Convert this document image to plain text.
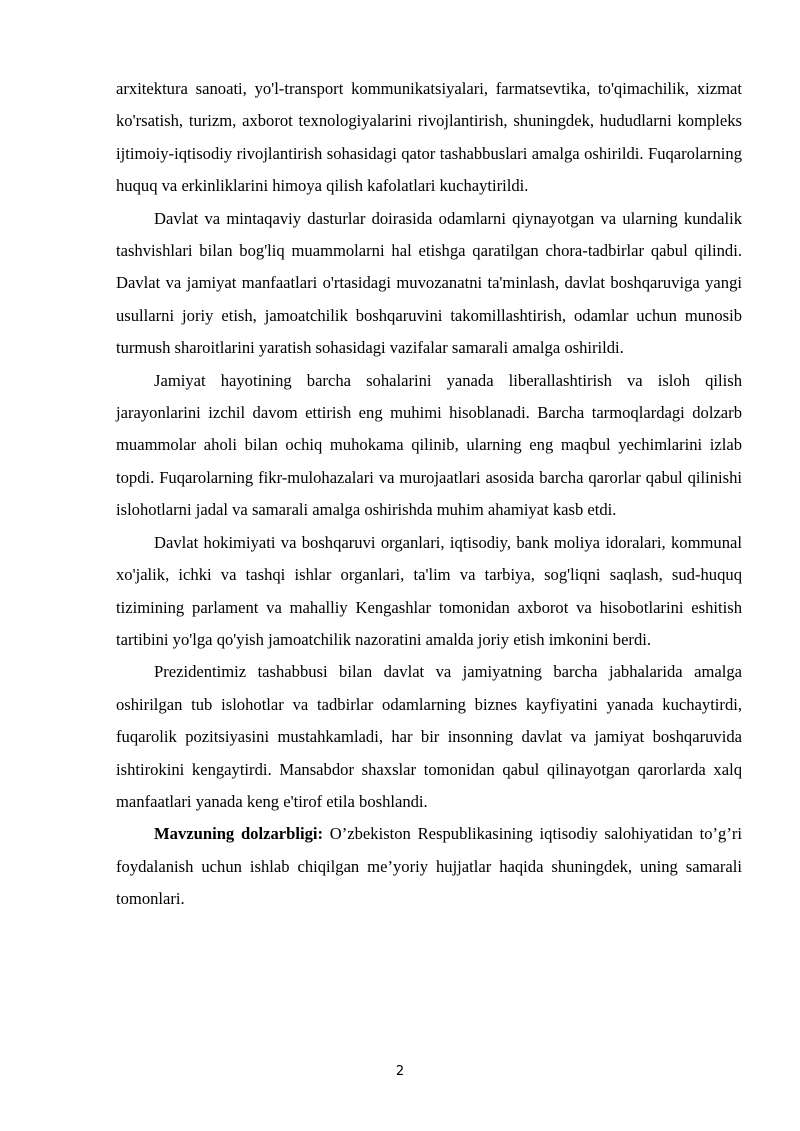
arxitektura sanoati, yo'l-transport kommunikatsiyalari, farmatsevtika, to'qimachilik, xizmat ko'rsatish, turizm, axborot texnologiyalarini rivojlantirish, shuningdek, hududlarni kompleks ijtimoiy-iqtisodiy rivojlantirish sohasidagi qator tashabbuslari amalga oshirildi. Fuqarolarning huquq va erkinliklarini himoya qilish kafolatlari kuchaytirildi.

Davlat va mintaqaviy dasturlar doirasida odamlarni qiynayotgan va ularning kundalik tashvishlari bilan bog'liq muammolarni hal etishga qaratilgan chora-tadbirlar qabul qilindi. Davlat va jamiyat manfaatlari o'rtasidagi muvozanatni ta'minlash, davlat boshqaruviga yangi usullarni joriy etish, jamoatchilik boshqaruvini takomillashtirish, odamlar uchun munosib turmush sharoitlarini yaratish sohasidagi vazifalar samarali amalga oshirildi.

Jamiyat hayotining barcha sohalarini yanada liberallashtirish va isloh qilish jarayonlarini izchil davom ettirish eng muhimi hisoblanadi. Barcha tarmoqlardagi dolzarb muammolar aholi bilan ochiq muhokama qilinib, ularning eng maqbul yechimlarini izlab topdi. Fuqarolarning fikr-mulohazalari va murojaatlari asosida barcha qarorlar qabul qilinishi islohotlarni jadal va samarali amalga oshirishda muhim ahamiyat kasb etdi.

Davlat hokimiyati va boshqaruvi organlari, iqtisodiy, bank moliya idoralari, kommunal xo'jalik, ichki va tashqi ishlar organlari, ta'lim va tarbiya, sog'liqni saqlash, sud-huquq tizimining parlament va mahalliy Kengashlar tomonidan axborot va hisobotlarini eshitish tartibini yo'lga qo'yish jamoatchilik nazoratini amalda joriy etish imkonini berdi.

Prezidentimiz tashabbusi bilan davlat va jamiyatning barcha jabhalarida amalga oshirilgan tub islohotlar va tadbirlar odamlarning biznes kayfiyatini yanada kuchaytirdi, fuqarolik pozitsiyasini mustahkamladi, har bir insonning davlat va jamiyat boshqaruvida ishtirokini kengaytirdi. Mansabdor shaxslar tomonidan qabul qilinayotgan qarorlarda xalq manfaatlari yanada keng e'tirof etila boshlandi.

Mavzuning dolzarbligi: O’zbekiston Respublikasining iqtisodiy salohiyatidan to’g’ri foydalanish uchun ishlab chiqilgan me’yoriy hujjatlar haqida shuningdek, uning samarali tomonlari.

2
